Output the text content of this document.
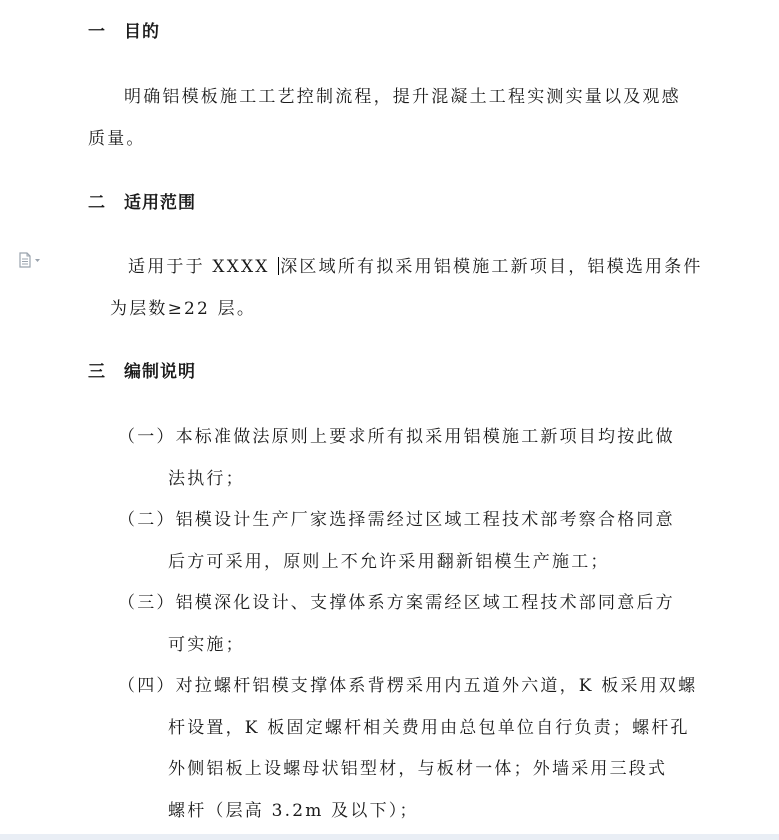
一 目的
明确铝模板施工工艺控制流程，提升混凝土工程实测实量以及观感
质量。
二 适用范围
适用于于 XXXX 深区域所有拟采用铝模施工新项目，铝模选用条件
为层数≥22 层。
三 编制说明
（一）本标准做法原则上要求所有拟采用铝模施工新项目均按此做
法执行；
（二）铝模设计生产厂家选择需经过区域工程技术部考察合格同意
后方可采用，原则上不允许采用翻新铝模生产施工；
（三）铝模深化设计、支撑体系方案需经区域工程技术部同意后方
可实施；
（四）对拉螺杆铝模支撑体系背楞采用内五道外六道，K 板采用双螺
杆设置，K 板固定螺杆相关费用由总包单位自行负责；螺杆孔
外侧铝板上设螺母状铝型材，与板材一体；外墙采用三段式
螺杆（层高 3.2m 及以下）；
